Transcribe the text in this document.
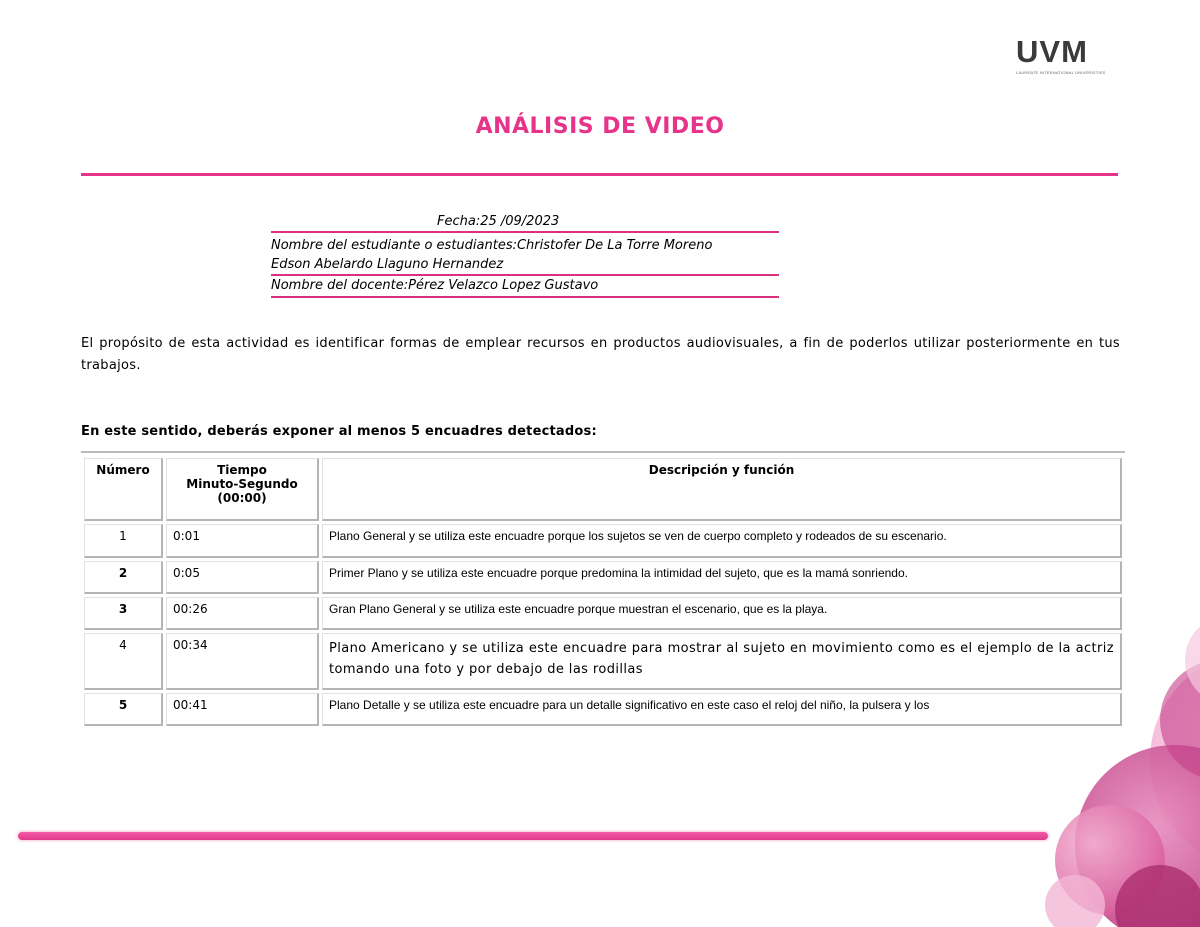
UVM
LAUREATE INTERNATIONAL UNIVERSITIES
ANÁLISIS DE VIDEO
Fecha:25 /09/2023
Nombre del estudiante o estudiantes:Christofer De La Torre Moreno
Edson Abelardo Llaguno Hernandez
Nombre del docente:Pérez Velazco Lopez Gustavo
El propósito de esta actividad es identificar formas de emplear recursos en productos audiovisuales, a fin de poderlos utilizar posteriormente en tus trabajos.
En este sentido, deberás exponer al menos 5 encuadres detectados:
Número	Tiempo
Minuto-Segundo
(00:00)	Descripción y función
1	0:01	Plano General y se utiliza este encuadre porque los sujetos se ven de cuerpo completo y rodeados de su escenario.
2	0:05	Primer Plano y se utiliza este encuadre porque predomina la intimidad del sujeto, que es la mamá sonriendo.
3	00:26	Gran Plano General y se utiliza este encuadre porque muestran el escenario, que es la playa.
4	00:34	Plano Americano y se utiliza este encuadre para mostrar al sujeto en movimiento como es el ejemplo de la actriz tomando una foto y por debajo de las rodillas
5	00:41	Plano Detalle y se utiliza este encuadre para un detalle significativo en este caso el reloj del niño, la pulsera y los
